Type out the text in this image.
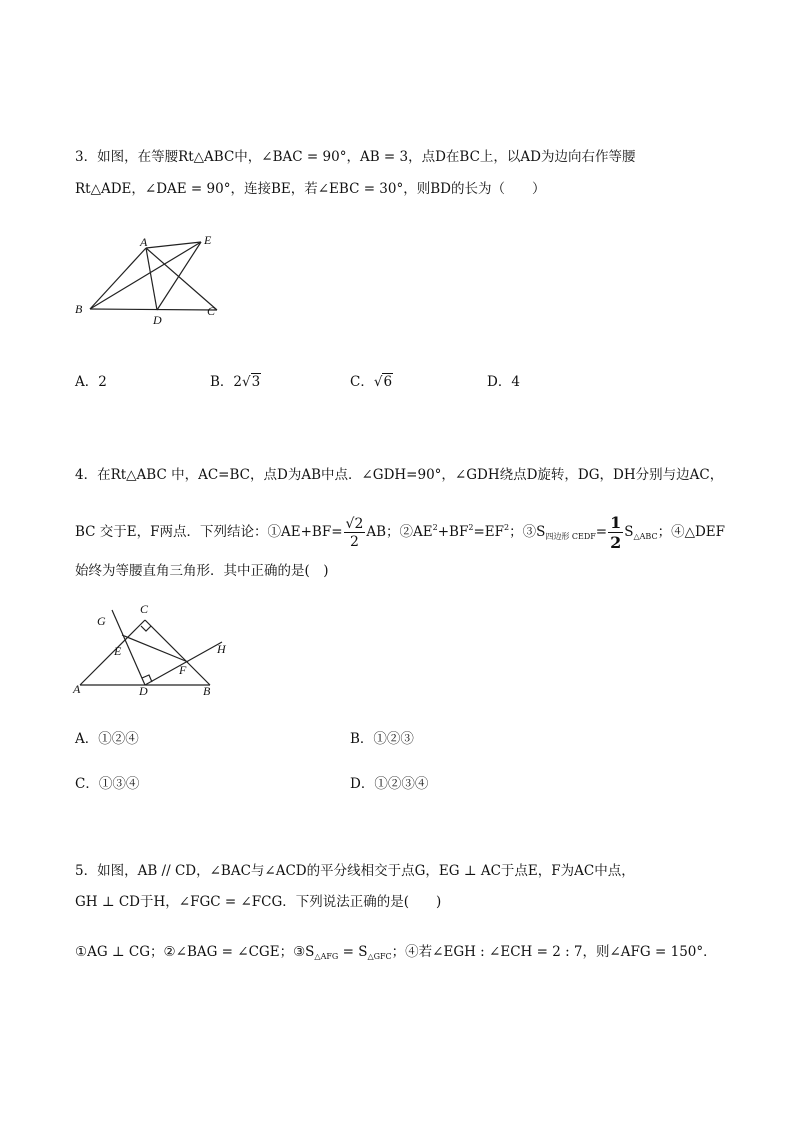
3．如图，在等腰Rt△ABC中，∠BAC = 90°，AB = 3，点D在BC上，以AD为边向右作等腰
Rt△ADE，∠DAE = 90°，连接BE，若∠EBC = 30°，则BD的长为（　　）
A	E
B
D
C
A．2	B．2√3	C．√6	D．4
4．在Rt△ABC 中，AC=BC，点D为AB中点．∠GDH=90°，∠GDH绕点D旋转，DG，DH分别与边AC，
BC 交于E，F两点．下列结论：①AE+BF= $\frac{√2}{2}$ AB；$②AE^2+BF^2=EF^2$；$③S_{四边形 CEDF}= \frac{1}{2} S_{\triangle ABC}$；④△DEF
始终为等腰直角三角形．其中正确的是(　)
G
C
E	H
F
A	D	B
A．①②④	B．①②③
C．①③④	D．①②③④
5．如图，AB // CD，∠BAC与∠ACD的平分线相交于点G，EG ⊥ AC于点E，F为AC中点，
GH ⊥ CD于H，∠FGC = ∠FCG．下列说法正确的是(　　)
①AG ⊥ CG；②∠BAG = ∠CGE；$③S_{\triangle AFG} = S_{\triangle GFC}$；④若∠EGH : ∠ECH = 2 : 7，则∠AFG = 150°．
